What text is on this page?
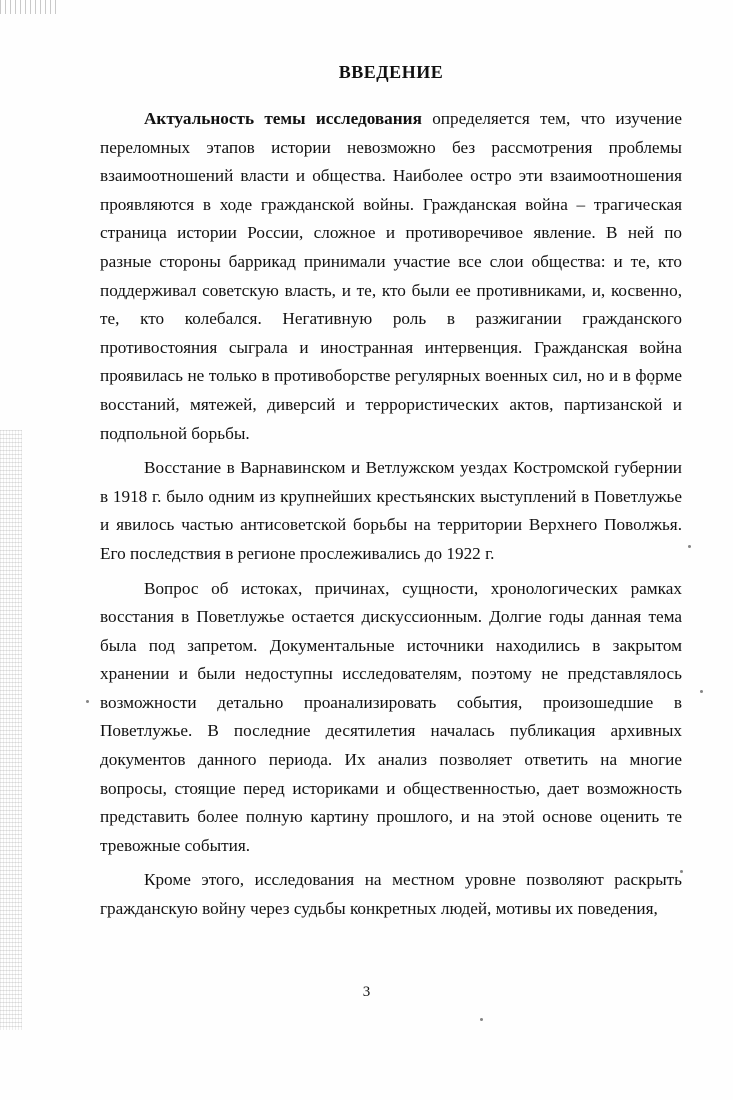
ВВЕДЕНИЕ

Актуальность темы исследования определяется тем, что изучение переломных этапов истории невозможно без рассмотрения проблемы взаимоотношений власти и общества. Наиболее остро эти взаимоотношения проявляются в ходе гражданской войны. Гражданская война – трагическая страница истории России, сложное и противоречивое явление. В ней по разные стороны баррикад принимали участие все слои общества: и те, кто поддерживал советскую власть, и те, кто были ее противниками, и, косвенно, те, кто колебался. Негативную роль в разжигании гражданского противостояния сыграла и иностранная интервенция. Гражданская война проявилась не только в противоборстве регулярных военных сил, но и в форме восстаний, мятежей, диверсий и террористических актов, партизанской и подпольной борьбы.

Восстание в Варнавинском и Ветлужском уездах Костромской губернии в 1918 г. было одним из крупнейших крестьянских выступлений в Поветлужье и явилось частью антисоветской борьбы на территории Верхнего Поволжья. Его последствия в регионе прослеживались до 1922 г.

Вопрос об истоках, причинах, сущности, хронологических рамках восстания в Поветлужье остается дискуссионным. Долгие годы данная тема была под запретом. Документальные источники находились в закрытом хранении и были недоступны исследователям, поэтому не представлялось возможности детально проанализировать события, произошедшие в Поветлужье. В последние десятилетия началась публикация архивных документов данного периода. Их анализ позволяет ответить на многие вопросы, стоящие перед историками и общественностью, дает возможность представить более полную картину прошлого, и на этой основе оценить те тревожные события.

Кроме этого, исследования на местном уровне позволяют раскрыть гражданскую войну через судьбы конкретных людей, мотивы их поведения,

3
